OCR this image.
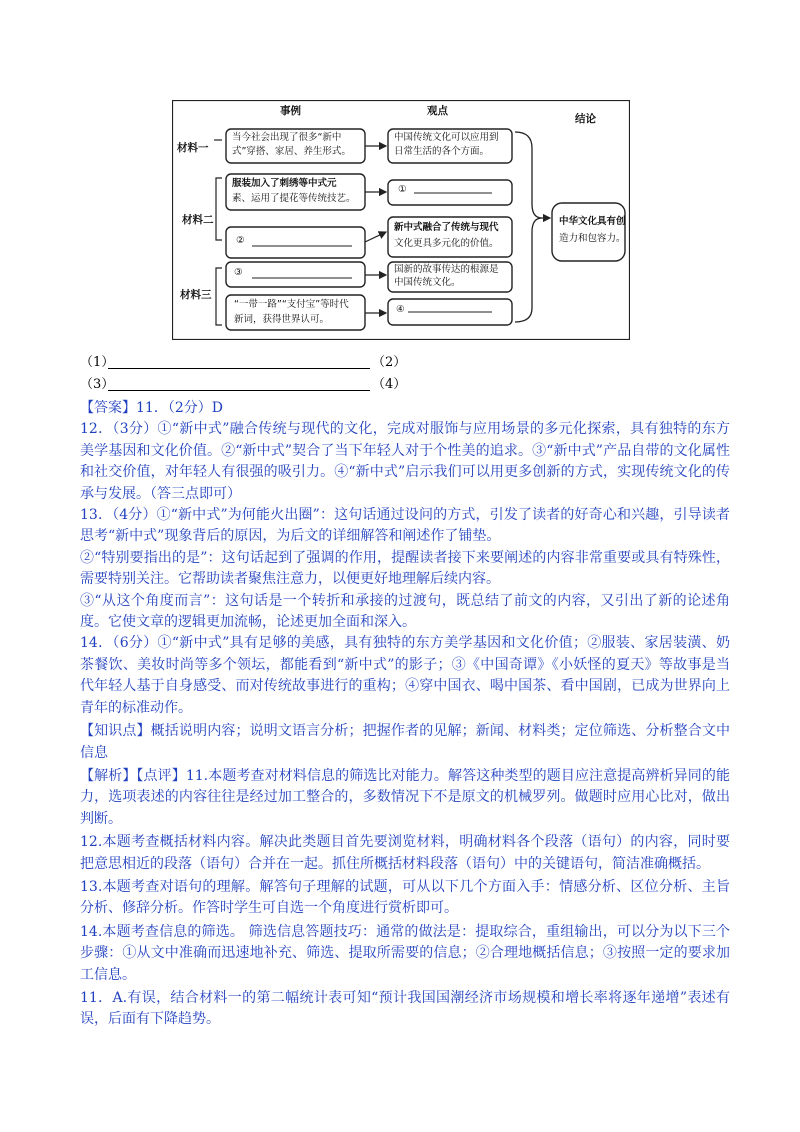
事例	观点
结论
材料一
材料二
材料三
当今社会出现了很多“新中
式”穿搭、家居、养生形式。
中国传统文化可以应用到
日常生活的各个方面。
服装加入了刺绣等中式元
素、运用了提花等传统技艺。
①
②
新中式融合了传统与现代
文化更具多元化的价值。
③	国新的故事传达的根源是
中国传统文化。
“一带一路”“支付宝”等时代
新词，获得世界认可。
④
中华文化具有创
造力和包容力。
（1）	（2）
（3）	（4）

【答案】11．（2分）D

12．（3分）①“新中式”融合传统与现代的文化，完成对服饰与应用场景的多元化探索，具有独特的东方美学基因和文化价值。②“新中式”契合了当下年轻人对于个性美的追求。③“新中式”产品自带的文化属性和社交价值，对年轻人有很强的吸引力。④“新中式”启示我们可以用更多创新的方式，实现传统文化的传承与发展。（答三点即可）

13．（4分）①“新中式”为何能火出圈”：这句话通过设问的方式，引发了读者的好奇心和兴趣，引导读者思考“新中式”现象背后的原因，为后文的详细解答和阐述作了铺垫。

②“特别要指出的是”：这句话起到了强调的作用，提醒读者接下来要阐述的内容非常重要或具有特殊性，需要特别关注。它帮助读者聚焦注意力，以便更好地理解后续内容。

③“从这个角度而言”：这句话是一个转折和承接的过渡句，既总结了前文的内容，又引出了新的论述角度。它使文章的逻辑更加流畅，论述更加全面和深入。

14．（6分）①“新中式”具有足够的美感，具有独特的东方美学基因和文化价值；②服装、家居装潢、奶茶餐饮、美妆时尚等多个领坛，都能看到“新中式”的影子；③《中国奇谭》《小妖怪的夏天》等故事是当代年轻人基于自身感受、而对传统故事进行的重构；④穿中国衣、喝中国茶、看中国剧，已成为世界向上青年的标准动作。

【知识点】概括说明内容；说明文语言分析；把握作者的见解；新闻、材料类；定位筛选、分析整合文中信息

【解析】【点评】11.本题考查对材料信息的筛选比对能力。解答这种类型的题目应注意提高辨析异同的能力，选项表述的内容往往是经过加工整合的，多数情况下不是原文的机械罗列。做题时应用心比对，做出判断。

12.本题考查概括材料内容。解决此类题目首先要浏览材料，明确材料各个段落（语句）的内容，同时要把意思相近的段落（语句）合并在一起。抓住所概括材料段落（语句）中的关键语句，简洁准确概括。

13.本题考查对语句的理解。解答句子理解的试题，可从以下几个方面入手：情感分析、区位分析、主旨分析、修辞分析。作答时学生可自选一个角度进行赏析即可。

14.本题考查信息的筛选。 筛选信息答题技巧：通常的做法是：提取综合，重组输出，可以分为以下三个步骤：①从文中准确而迅速地补充、筛选、提取所需要的信息；②合理地概括信息；③按照一定的要求加工信息。

11．A.有误，结合材料一的第二幅统计表可知“预计我国国潮经济市场规模和增长率将逐年递增”表述有误，后面有下降趋势。
